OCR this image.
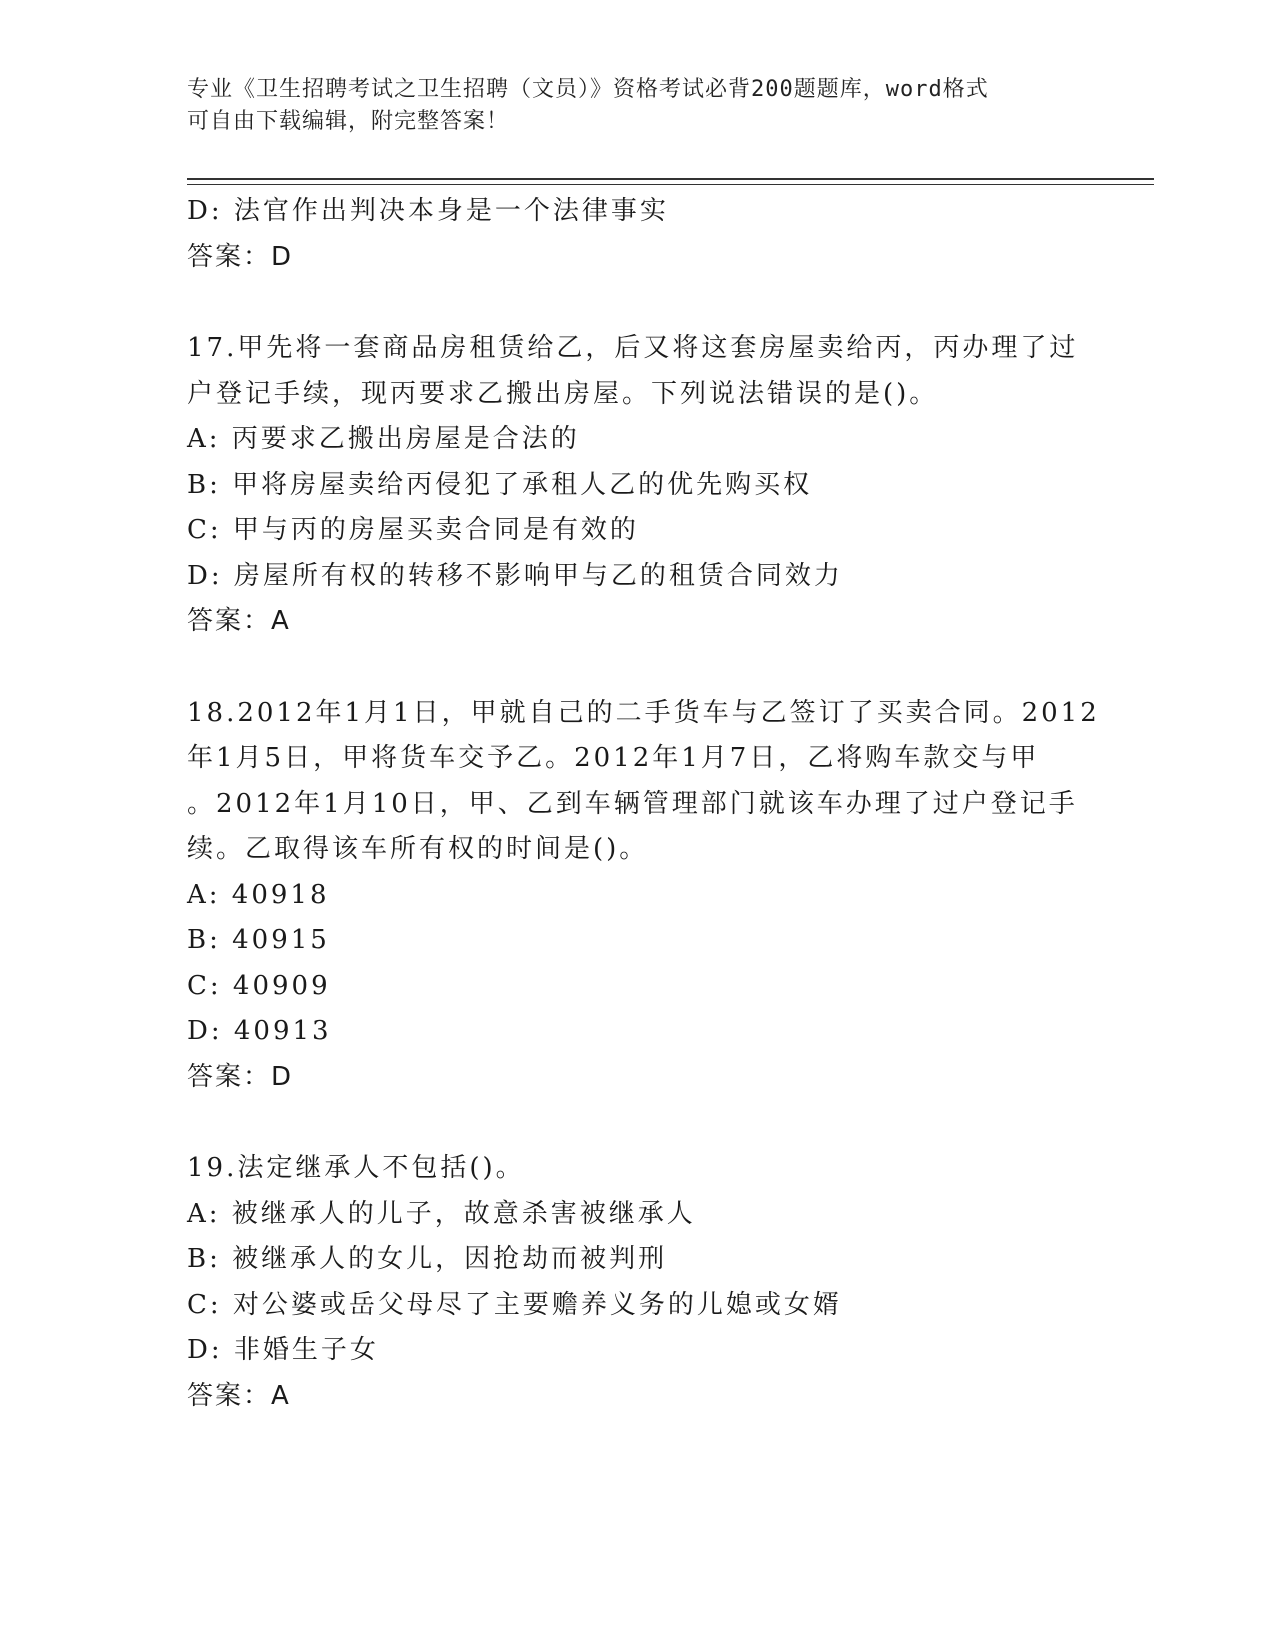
专业《卫生招聘考试之卫生招聘（文员）》资格考试必背200题题库，word格式
可自由下载编辑，附完整答案！
D: 法官作出判决本身是一个法律事实
答案：D
17.甲先将一套商品房租赁给乙，后又将这套房屋卖给丙，丙办理了过
户登记手续，现丙要求乙搬出房屋。下列说法错误的是()。
A: 丙要求乙搬出房屋是合法的
B: 甲将房屋卖给丙侵犯了承租人乙的优先购买权
C: 甲与丙的房屋买卖合同是有效的
D: 房屋所有权的转移不影响甲与乙的租赁合同效力
答案：A
18.2012年1月1日，甲就自己的二手货车与乙签订了买卖合同。2012
年1月5日，甲将货车交予乙。2012年1月7日，乙将购车款交与甲
。2012年1月10日，甲、乙到车辆管理部门就该车办理了过户登记手
续。乙取得该车所有权的时间是()。
A: 40918
B: 40915
C: 40909
D: 40913
答案：D
19.法定继承人不包括()。
A: 被继承人的儿子，故意杀害被继承人
B: 被继承人的女儿，因抢劫而被判刑
C: 对公婆或岳父母尽了主要赡养义务的儿媳或女婿
D: 非婚生子女
答案：A
